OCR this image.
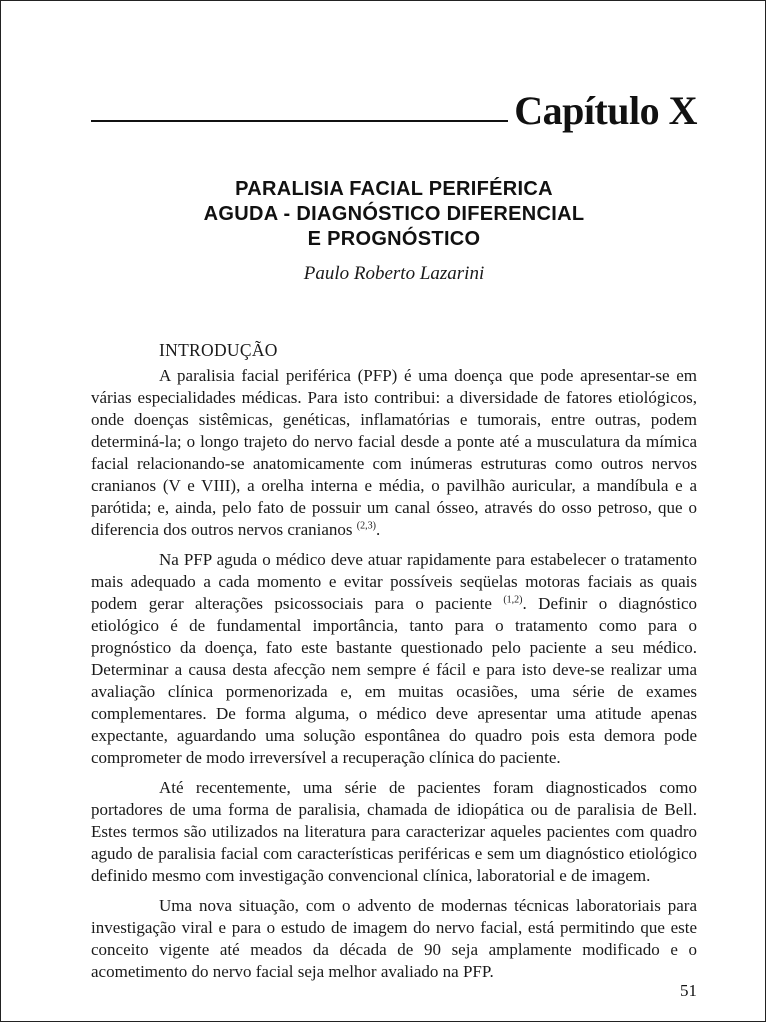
Capítulo X
PARALISIA FACIAL PERIFÉRICA
AGUDA - DIAGNÓSTICO DIFERENCIAL
E PROGNÓSTICO
Paulo Roberto Lazarini
INTRODUÇÃO

A paralisia facial periférica (PFP) é uma doença que pode apresentar-se em várias especialidades médicas. Para isto contribui: a diversidade de fatores etiológicos, onde doenças sistêmicas, genéticas, inflamatórias e tumorais, entre outras, podem determiná-la; o longo trajeto do nervo facial desde a ponte até a musculatura da mímica facial relacionando-se anatomicamente com inúmeras estruturas como outros nervos cranianos (V e VIII), a orelha interna e média, o pavilhão auricular, a mandíbula e a parótida; e, ainda, pelo fato de possuir um canal ósseo, através do osso petroso, que o diferencia dos outros nervos cranianos $^{(2,3)}$.

Na PFP aguda o médico deve atuar rapidamente para estabelecer o tratamento mais adequado a cada momento e evitar possíveis seqüelas motoras faciais as quais podem gerar alterações psicossociais para o paciente $^{(1,2)}$. Definir o diagnóstico etiológico é de fundamental importância, tanto para o tratamento como para o prognóstico da doença, fato este bastante questionado pelo paciente a seu médico. Determinar a causa desta afecção nem sempre é fácil e para isto deve-se realizar uma avaliação clínica pormenorizada e, em muitas ocasiões, uma série de exames complementares. De forma alguma, o médico deve apresentar uma atitude apenas expectante, aguardando uma solução espontânea do quadro pois esta demora pode comprometer de modo irreversível a recuperação clínica do paciente.

Até recentemente, uma série de pacientes foram diagnosticados como portadores de uma forma de paralisia, chamada de idiopática ou de paralisia de Bell. Estes termos são utilizados na literatura para caracterizar aqueles pacientes com quadro agudo de paralisia facial com características periféricas e sem um diagnóstico etiológico definido mesmo com investigação convencional clínica, laboratorial e de imagem.

Uma nova situação, com o advento de modernas técnicas laboratoriais para investigação viral e para o estudo de imagem do nervo facial, está permitindo que este conceito vigente até meados da década de 90 seja amplamente modificado e o acometimento do nervo facial seja melhor avaliado na PFP.

51
